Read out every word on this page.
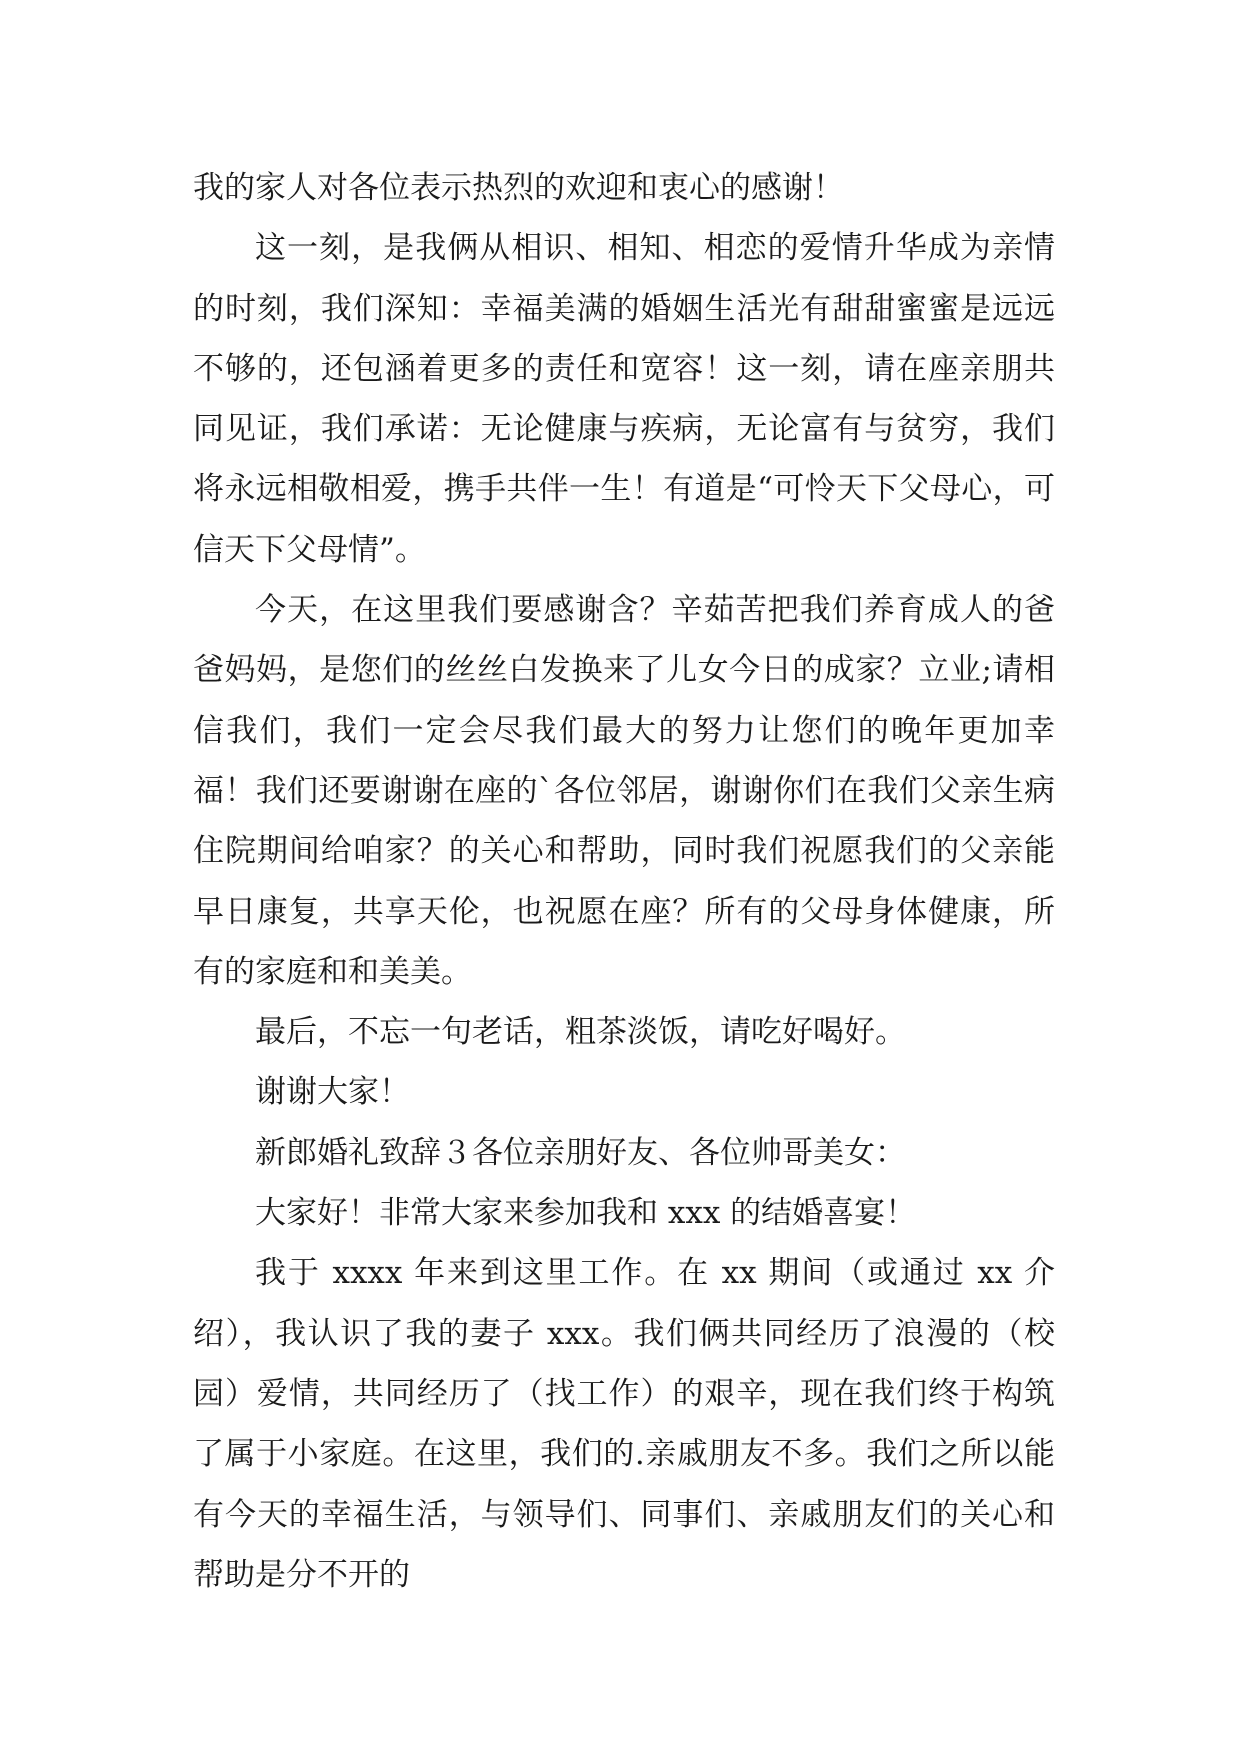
我的家人对各位表示热烈的欢迎和衷心的感谢！

这一刻，是我俩从相识、相知、相恋的爱情升华成为亲情的时刻，我们深知：幸福美满的婚姻生活光有甜甜蜜蜜是远远不够的，还包涵着更多的责任和宽容！这一刻，请在座亲朋共同见证，我们承诺：无论健康与疾病，无论富有与贫穷，我们将永远相敬相爱，携手共伴一生！有道是“可怜天下父母心，可信天下父母情”。

今天，在这里我们要感谢含？辛茹苦把我们养育成人的爸爸妈妈，是您们的丝丝白发换来了儿女今日的成家？立业;请相信我们，我们一定会尽我们最大的努力让您们的晚年更加幸福！我们还要谢谢在座的`各位邻居，谢谢你们在我们父亲生病住院期间给咱家？的关心和帮助，同时我们祝愿我们的父亲能早日康复，共享天伦，也祝愿在座？所有的父母身体健康，所有的家庭和和美美。

最后，不忘一句老话，粗茶淡饭，请吃好喝好。

谢谢大家！

新郎婚礼致辞３各位亲朋好友、各位帅哥美女：

大家好！非常大家来参加我和 xxx 的结婚喜宴！

我于 xxxx 年来到这里工作。在 xx 期间（或通过 xx 介绍），我认识了我的妻子 xxx。我们俩共同经历了浪漫的（校园）爱情，共同经历了（找工作）的艰辛，现在我们终于构筑了属于小家庭。在这里，我们的.亲戚朋友不多。我们之所以能有今天的幸福生活，与领导们、同事们、亲戚朋友们的关心和帮助是分不开的
